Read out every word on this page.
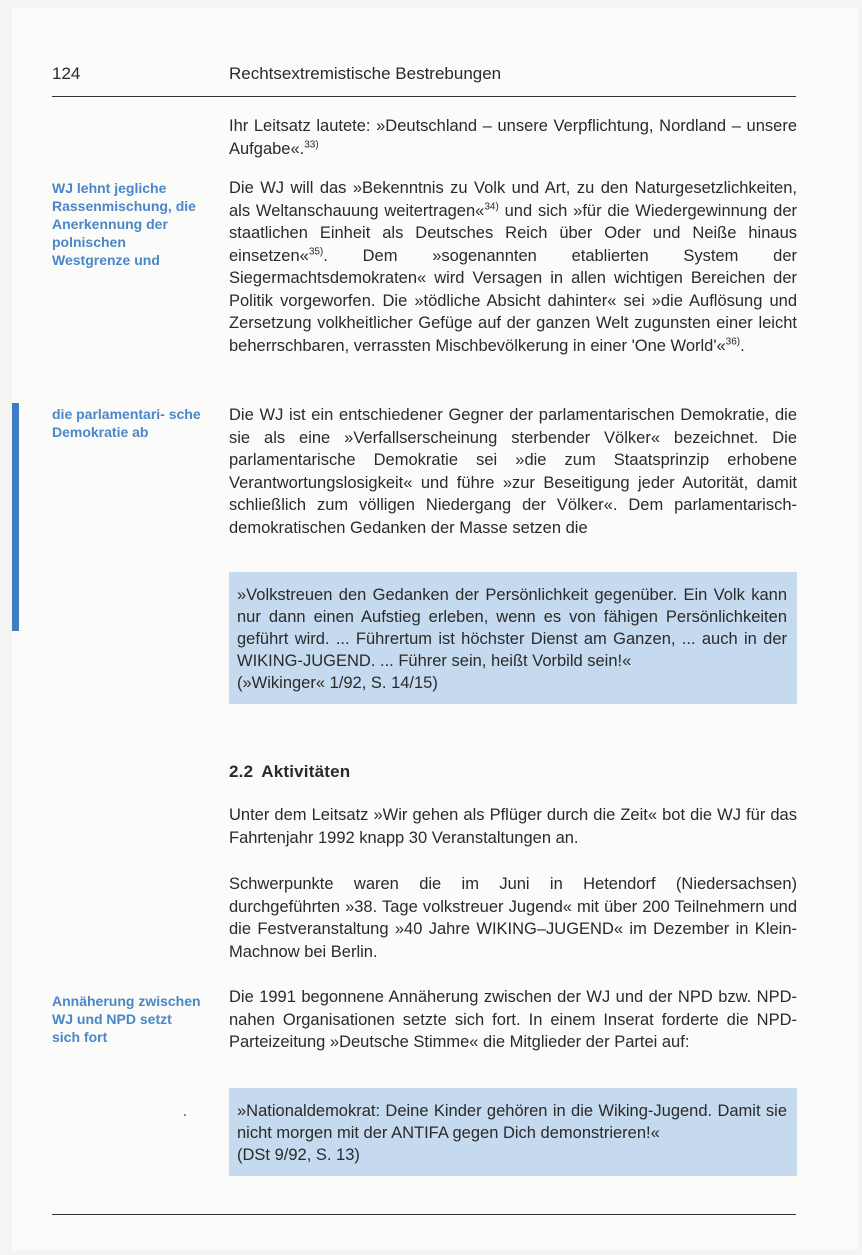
124	Rechtsextremistische Bestrebungen

Ihr Leitsatz lautete: »Deutschland – unsere Verpflichtung, Nordland – unsere Aufgabe«.$^{33)}$

WJ lehnt jegliche Rassenmischung, die Anerkennung der polnischen Westgrenze und

Die WJ will das »Bekenntnis zu Volk und Art, zu den Naturgesetzlichkeiten, als Weltanschauung weitertragen«$^{34)}$ und sich »für die Wiedergewinnung der staatlichen Einheit als Deutsches Reich über Oder und Neiße hinaus einsetzen«$^{35)}$. Dem »sogenannten etablierten System der Siegermachtsdemokraten« wird Versagen in allen wichtigen Bereichen der Politik vorgeworfen. Die »tödliche Absicht dahinter« sei »die Auflösung und Zersetzung volkheitlicher Gefüge auf der ganzen Welt zugunsten einer leicht beherrschbaren, verrassten Mischbevölkerung in einer 'One World'«$^{36)}$.

die parlamentari- sche Demokratie ab

Die WJ ist ein entschiedener Gegner der parlamentarischen Demokratie, die sie als eine »Verfallserscheinung sterbender Völker« bezeichnet. Die parlamentarische Demokratie sei »die zum Staatsprinzip erhobene Verantwortungslosigkeit« und führe »zur Beseitigung jeder Autorität, damit schließlich zum völligen Niedergang der Völker«. Dem parlamentarisch-demokratischen Gedanken der Masse setzen die

»Volkstreuen den Gedanken der Persönlichkeit gegenüber. Ein Volk kann nur dann einen Aufstieg erleben, wenn es von fähigen Persönlichkeiten geführt wird. ... Führertum ist höchster Dienst am Ganzen, ... auch in der WIKING-JUGEND. ... Führer sein, heißt Vorbild sein!«

(»Wikinger« 1/92, S. 14/15)

2.2 Aktivitäten

Unter dem Leitsatz »Wir gehen als Pflüger durch die Zeit« bot die WJ für das Fahrtenjahr 1992 knapp 30 Veranstaltungen an.

Schwerpunkte waren die im Juni in Hetendorf (Niedersachsen) durchgeführten »38. Tage volkstreuer Jugend« mit über 200 Teilnehmern und die Festveranstaltung »40 Jahre WIKING–JUGEND« im Dezember in Klein-Machnow bei Berlin.

Annäherung zwischen WJ und NPD setzt sich fort

Die 1991 begonnene Annäherung zwischen der WJ und der NPD bzw. NPD-nahen Organisationen setzte sich fort. In einem Inserat forderte die NPD-Parteizeitung »Deutsche Stimme« die Mitglieder der Partei auf:

»Nationaldemokrat: Deine Kinder gehören in die Wiking-Jugend. Damit sie nicht morgen mit der ANTIFA gegen Dich demonstrieren!«

(DSt 9/92, S. 13)
